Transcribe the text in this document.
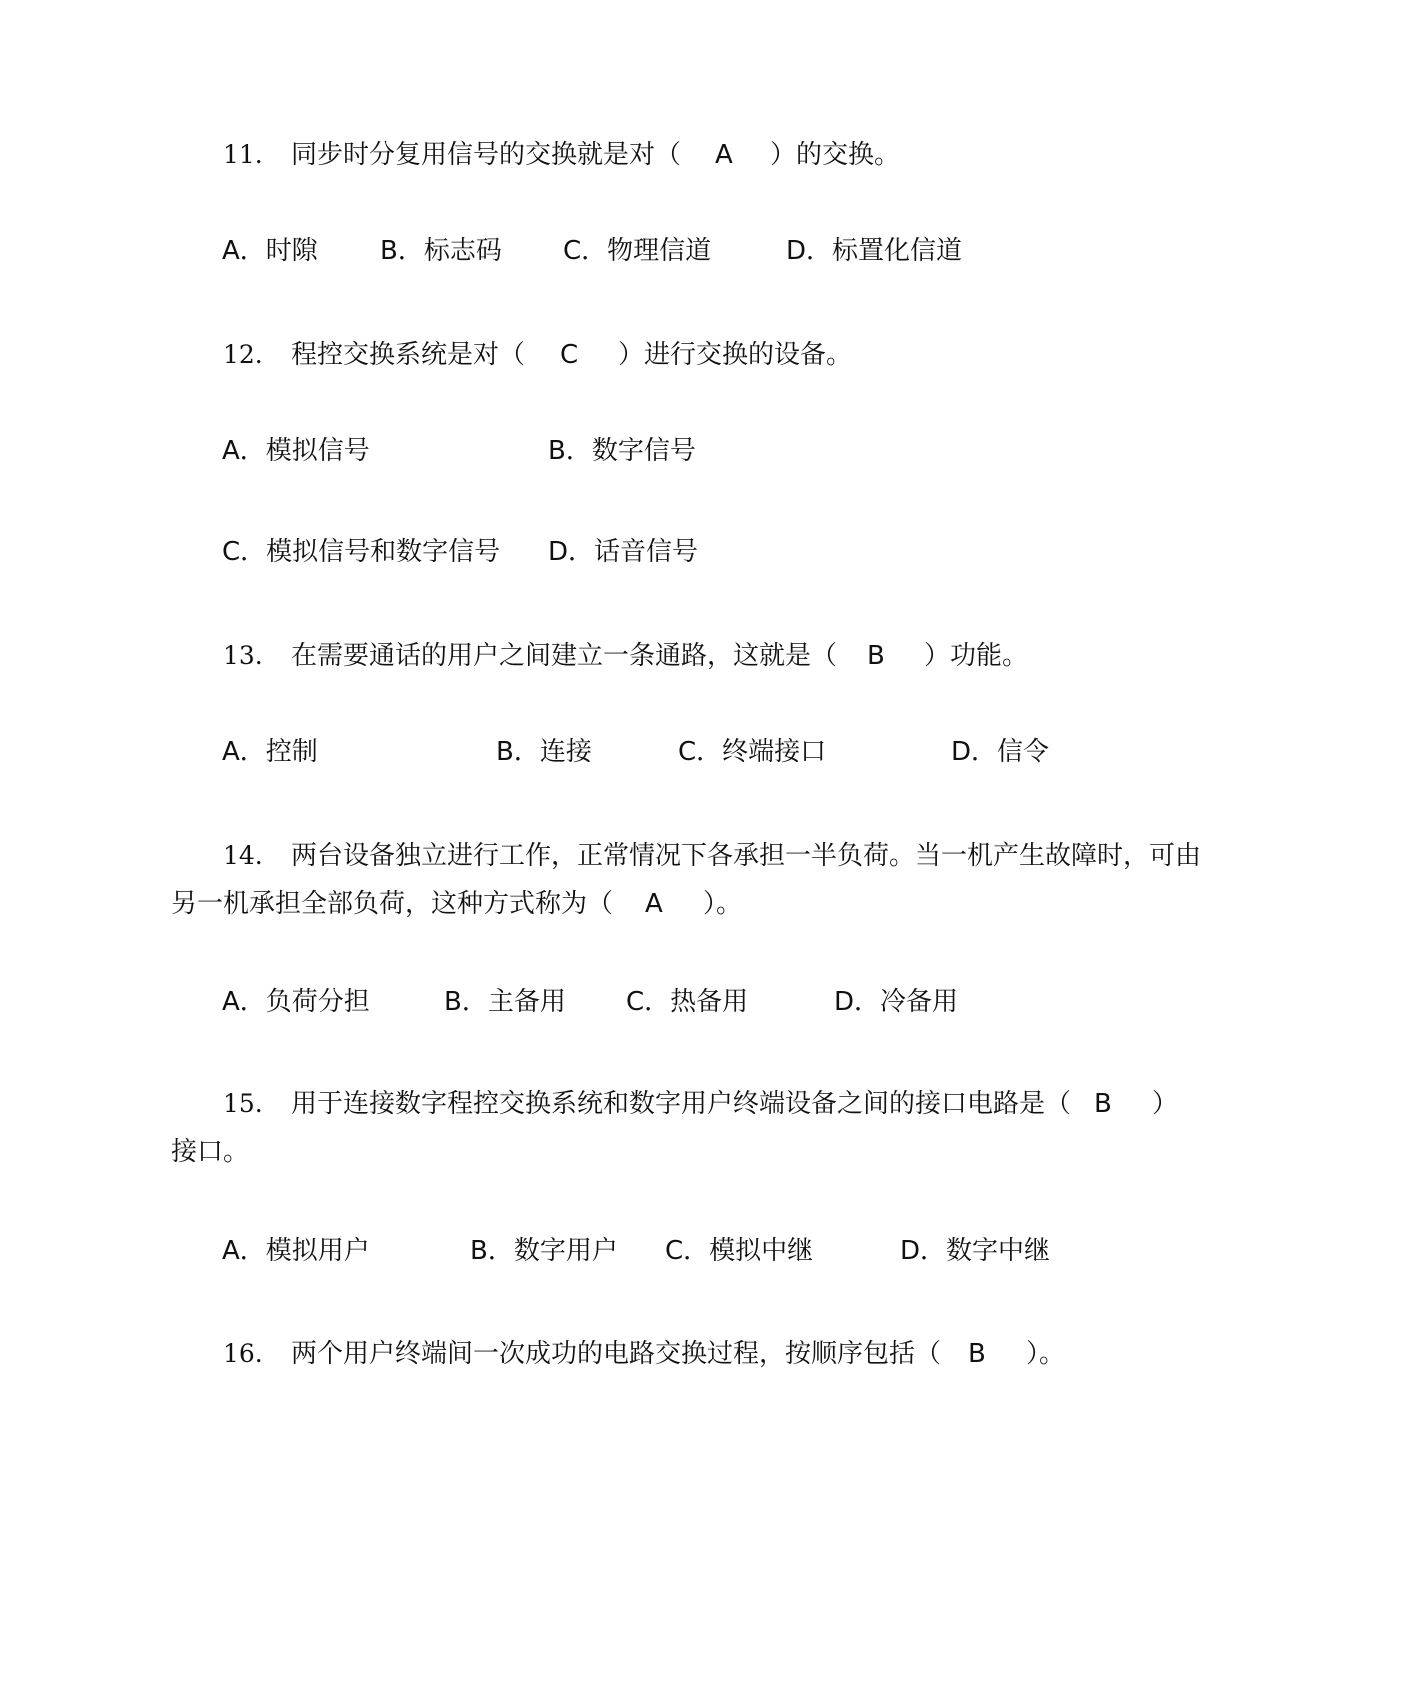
11. 同步时分复用信号的交换就是对（ A ）的交换。
A．时隙 B．标志码 C．物理信道	D．标置化信道
12. 程控交换系统是对（ C ）进行交换的设备。
A．模拟信号	B．数字信号
C．模拟信号和数字信号 D．话音信号
13. 在需要通话的用户之间建立一条通路，这就是（ B ）功能。
A．控制	B．连接	C．终端接口	D．信令
14. 两台设备独立进行工作，正常情况下各承担一半负荷。当一机产生故障时，可由
另一机承担全部负荷，这种方式称为（ A ）。
A．负荷分担	B．主备用 C．热备用	D．冷备用
15. 用于连接数字程控交换系统和数字用户终端设备之间的接口电路是（ B ）
接口。
A．模拟用户	B．数字用户 C．模拟中继	D．数字中继
16. 两个用户终端间一次成功的电路交换过程，按顺序包括（ B ）。
